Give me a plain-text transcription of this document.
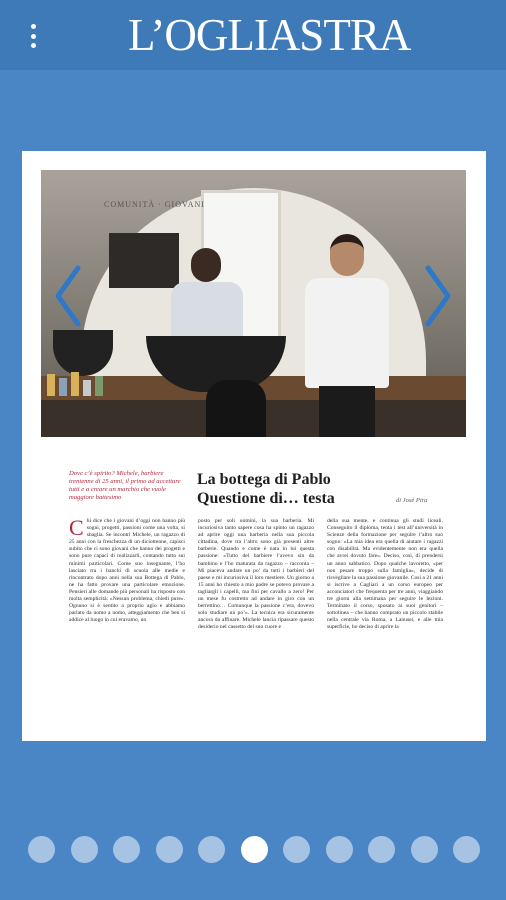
L’OGLIASTRA
COMUNITÀ · GIOVANI
Dove c’è spirito? Michele, barbiere trentenne di 25 anni, il primo ad accettare tutti e a creare un marchio che vuole maggiore battesimo
La bottega di Pablo
Questione di… testa	di José Pira
Chi dice che i giovani d’oggi non hanno più sogni, progetti, passioni come una volta, si sbaglia. Se incontri Michele, un ragazzo di 25 anni con la freschezza di un diciottenne, capisci subito che ci sono giovani che hanno dei progetti e sono pure capaci di realizzarli, contando tutto sui minimi particolari. Come suo insegnante, l’ho lasciato tra i banchi di scuola alle medie e rincontrato dopo anni nella sua Bottega di Pablo, ne ha fatto provare una particolare emozione. Pensieri alle domande più personali ha risposto con molta semplicità: «Nessun problema, chiedi pure». Ognuno si è sentito a proprio agio e abbiamo parlato da uomo a uomo, atteggiamento che ben si addice al luogo in cui eravamo, un
posto per soli uomini, la sua barberia. Mi incuriosiva tanto sapere cosa ha spinto un ragazzo ad aprire oggi una barberia nella sua piccola cittadina, dove tra l’altro sono già presenti altre barberie. Quando e come è nata in lui questa passione: «Tutto del barbiere l’avevo sin da bambino e l’ho maturata da ragazzo – racconta – Mi piaceva andare un po’ da tutti i barbieri del paese e mi incuriosiva il loro mestiere. Un giorno a 15 anni ho chiesto a mio padre se potevo provare a tagliargli i capelli, ma fini per cavallo a zero! Per un mese fu costretto ad andare in giro con un berrettino… Comunque la passione c’era, dovevo solo studiare un po’». La tecnica era sicuramente ancora da affinare. Michele lancia ripassare questo desiderio nel cassetto del suo cuore e
della sua mente, e continua gli studi liceali. Conseguito il diploma, tenta i test all’università in Scienze della formazione per seguire l’altro suo sogno: «La mia idea era quella di aiutare i ragazzi con disabilità. Ma evidentemente non era quella che avrei dovuto fare». Deciso, così, di prendersi un anno sabbatico. Dopo qualche lavoretto, «per non pesare troppo sulla famiglia», decide di risvegliare la sua passione giovanile. Così a 21 anni si iscrive a Cagliari a un corso europeo per acconciatori che frequenta per tre anni, viaggiando tre giorni alla settimana per seguire le lezioni. Terminato il corso, sposato ai suoi genitori – sottolinea – che hanno comprato un piccolo stabile nella centrale via Roma, a Lanusei, e alle mia superficie, ho deciso di aprire la
